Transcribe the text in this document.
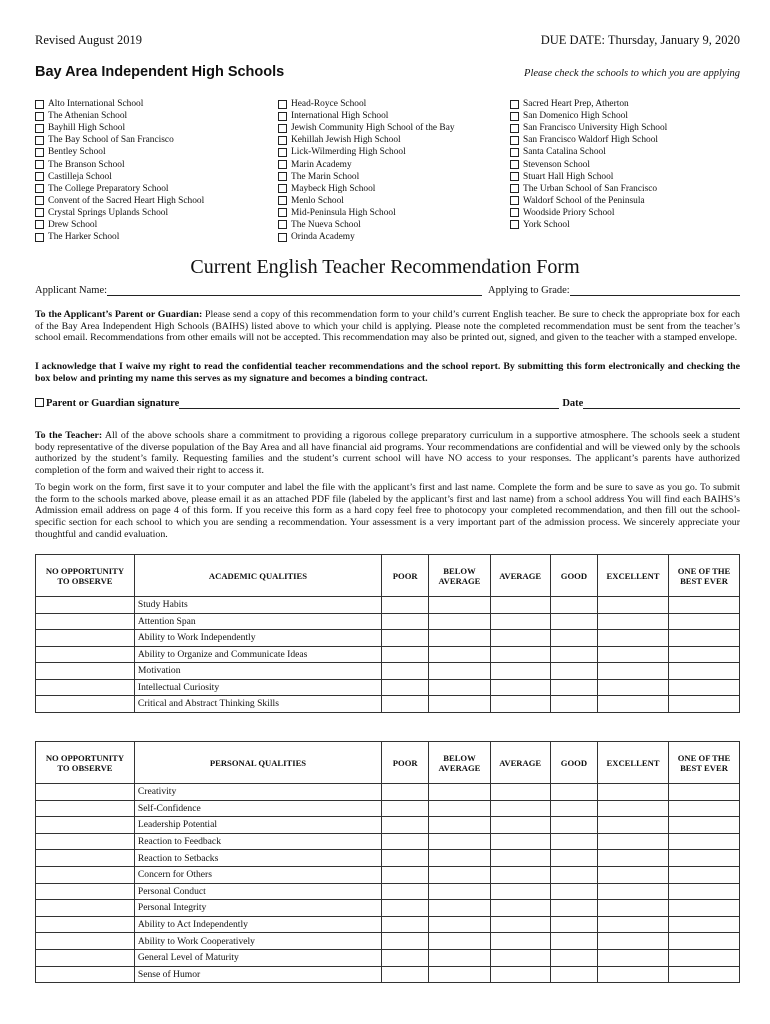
Revised August 2019	DUE DATE: Thursday, January 9, 2020
Bay Area Independent High Schools	Please check the schools to which you are applying
Alto International School
The Athenian School
Bayhill High School
The Bay School of San Francisco
Bentley School
The Branson School
Castilleja School
The College Preparatory School
Convent of the Sacred Heart High School
Crystal Springs Uplands School
Drew School
The Harker School
Head-Royce School
International High School
Jewish Community High School of the Bay
Kehillah Jewish High School
Lick-Wilmerding High School
Marin Academy
The Marin School
Maybeck High School
Menlo School
Mid-Peninsula High School
The Nueva School
Orinda Academy
Sacred Heart Prep, Atherton
San Domenico High School
San Francisco University High School
San Francisco Waldorf High School
Santa Catalina School
Stevenson School
Stuart Hall High School
The Urban School of San Francisco
Waldorf School of the Peninsula
Woodside Priory School
York School
Current English Teacher Recommendation Form
Applicant Name:	Applying to Grade:
To the Applicant’s Parent or Guardian: Please send a copy of this recommendation form to your child’s current English teacher. Be sure to check the appropriate box for each of the Bay Area Independent High Schools (BAIHS) listed above to which your child is applying. Please note the completed recommendation must be sent from the teacher’s school email. Recommendations from other emails will not be accepted. This recommendation may also be printed out, signed, and given to the teacher with a stamped envelope.
I acknowledge that I waive my right to read the confidential teacher recommendations and the school report. By submitting this form electronically and checking the box below and printing my name this serves as my signature and becomes a binding contract.
Parent or Guardian signature	Date
To the Teacher: All of the above schools share a commitment to providing a rigorous college preparatory curriculum in a supportive atmosphere. The schools seek a student body representative of the diverse population of the Bay Area and all have financial aid programs. Your recommendations are confidential and will be viewed only by the schools authorized by the student’s family. Requesting families and the student’s current school will have NO access to your responses. The applicant’s parents have authorized completion of the form and waived their right to access it.
To begin work on the form, first save it to your computer and label the file with the applicant’s first and last name. Complete the form and be sure to save as you go. To submit the form to the schools marked above, please email it as an attached PDF file (labeled by the applicant’s first and last name) from a school address You will find each BAIHS’s Admission email address on page 4 of this form. If you receive this form as a hard copy feel free to photocopy your completed recommendation, and then fill out the school-specific section for each school to which you are sending a recommendation. Your assessment is a very important part of the admission process. We sincerely appreciate your thoughtful and candid evaluation.
NO OPPORTUNITY TO OBSERVE	ACADEMIC QUALITIES	POOR	BELOW AVERAGE	AVERAGE	GOOD	EXCELLENT	ONE OF THE BEST EVER
	Study Habits						
	Attention Span						
	Ability to Work Independently						
	Ability to Organize and Communicate Ideas						
	Motivation						
	Intellectual Curiosity						
	Critical and Abstract Thinking Skills						
NO OPPORTUNITY TO OBSERVE	PERSONAL QUALITIES	POOR	BELOW AVERAGE	AVERAGE	GOOD	EXCELLENT	ONE OF THE BEST EVER
	Creativity						
	Self-Confidence						
	Leadership Potential						
	Reaction to Feedback						
	Reaction to Setbacks						
	Concern for Others						
	Personal Conduct						
	Personal Integrity						
	Ability to Act Independently						
	Ability to Work Cooperatively						
	General Level of Maturity						
	Sense of Humor						
